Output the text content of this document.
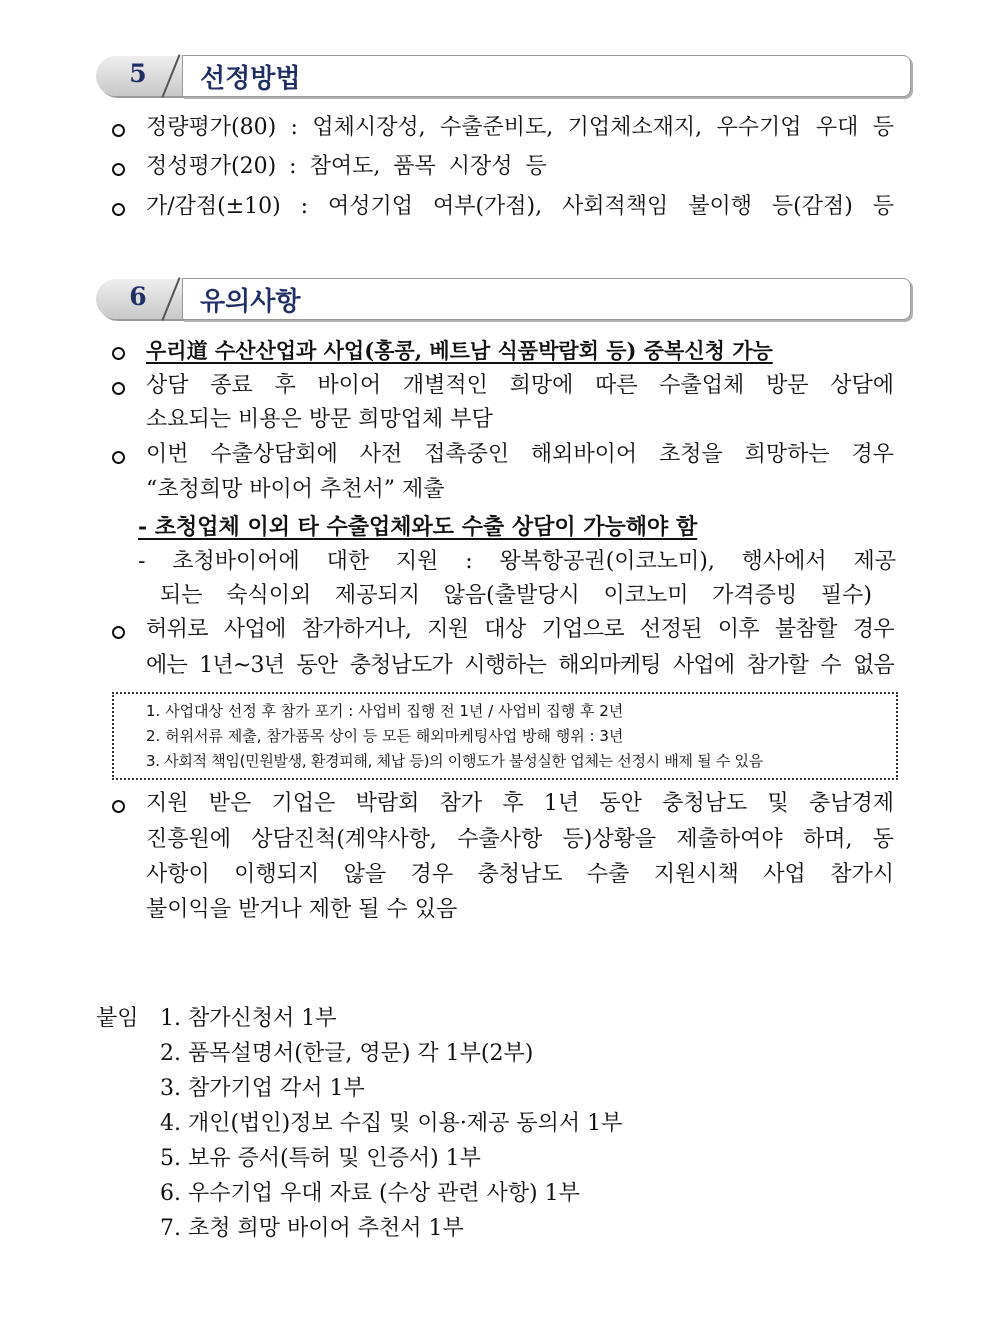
5	선정방법
정량평가(80) : 업체시장성, 수출준비도, 기업체소재지, 우수기업 우대 등
정성평가(20) : 참여도, 품목 시장성 등
가/감점(±10) : 여성기업 여부(가점), 사회적책임 불이행 등(감점) 등
6	유의사항
우리道 수산산업과 사업(홍콩, 베트남 식품박람회 등) 중복신청 가능
상담 종료 후 바이어 개별적인 희망에 따른 수출업체 방문 상담에
소요되는 비용은 방문 희망업체 부담
이번 수출상담회에 사전 접촉중인 해외바이어 초청을 희망하는 경우
“초청희망 바이어 추천서” 제출
- 초청업체 이외 타 수출업체와도 수출 상담이 가능해야 함
- 초청바이어에 대한 지원 : 왕복항공권(이코노미), 행사에서 제공
되는 숙식이외 제공되지 않음(출발당시 이코노미 가격증빙 필수)
허위로 사업에 참가하거나, 지원 대상 기업으로 선정된 이후 불참할 경우
에는 1년~3년 동안 충청남도가 시행하는 해외마케팅 사업에 참가할 수 없음
1. 사업대상 선정 후 참가 포기 : 사업비 집행 전 1년 / 사업비 집행 후 2년
2. 허위서류 제출, 참가품목 상이 등 모든 해외마케팅사업 방해 행위 : 3년
3. 사회적 책임(민원발생, 환경피해, 체납 등)의 이행도가 불성실한 업체는 선정시 배제 될 수 있음
지원 받은 기업은 박람회 참가 후 1년 동안 충청남도 및 충남경제
진흥원에 상담진척(계약사항, 수출사항 등)상황을 제출하여야 하며, 동
사항이 이행되지 않을 경우 충청남도 수출 지원시책 사업 참가시
불이익을 받거나 제한 될 수 있음
붙임 1. 참가신청서 1부
2. 품목설명서(한글, 영문) 각 1부(2부)
3. 참가기업 각서 1부
4. 개인(법인)정보 수집 및 이용·제공 동의서 1부
5. 보유 증서(특허 및 인증서) 1부
6. 우수기업 우대 자료 (수상 관련 사항) 1부
7. 초청 희망 바이어 추천서 1부
